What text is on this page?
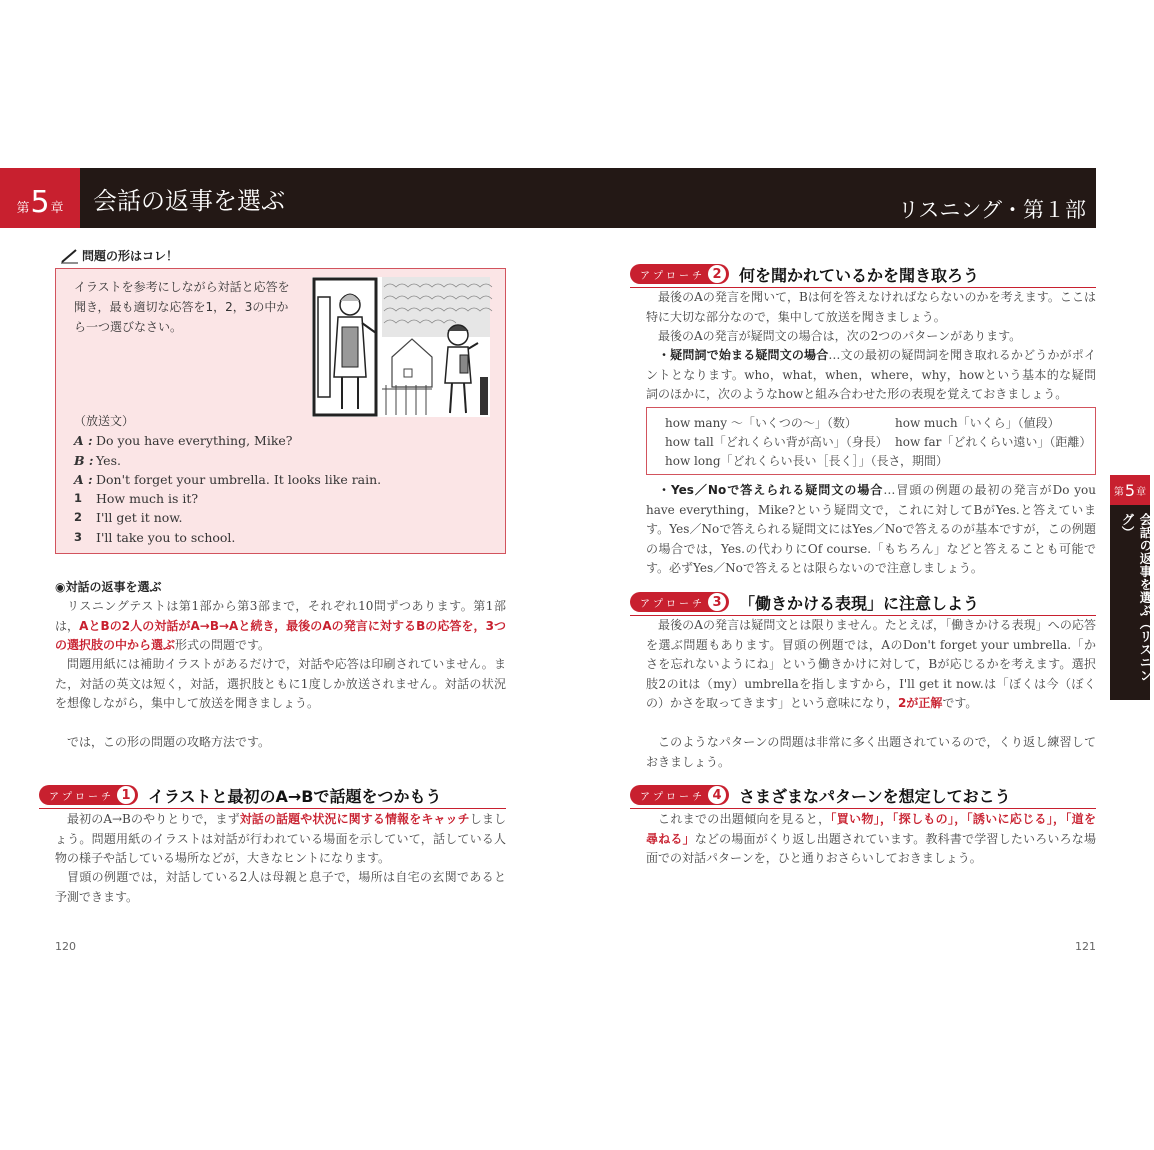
第 5 章 会話の返事を選ぶ	リスニング・第１部
問題の形はコレ！
イラストを参考にしながら対話と応答を聞き，最も適切な応答を1，2，3の中から一つ選びなさい。
（放送文）
A : Do you have everything, Mike?
B : Yes.
A : Don't forget your umbrella. It looks like rain.
1	How much is it?
2	I'll get it now.
3	I'll take you to school.
◉対話の返事を選ぶ
リスニングテストは第1部から第3部まで，それぞれ10問ずつあります。第1部は，AとBの2人の対話がA→B→Aと続き，最後のAの発言に対するBの応答を，3つの選択肢の中から選ぶ形式の問題です。
問題用紙には補助イラストがあるだけで，対話や応答は印刷されていません。また，対話の英文は短く，対話，選択肢ともに1度しか放送されません。対話の状況を想像しながら，集中して放送を聞きましょう。
では，この形の問題の攻略方法です。
アプローチ 1 イラストと最初のA→Bで話題をつかもう
最初のA→Bのやりとりで，まず対話の話題や状況に関する情報をキャッチしましょう。問題用紙のイラストは対話が行われている場面を示していて，話している人物の様子や話している場所などが，大きなヒントになります。
冒頭の例題では，対話している2人は母親と息子で，場所は自宅の玄関であると予測できます。
120
アプローチ 2 何を聞かれているかを聞き取ろう
最後のAの発言を聞いて，Bは何を答えなければならないのかを考えます。ここは特に大切な部分なので，集中して放送を聞きましょう。
最後のAの発言が疑問文の場合は，次の2つのパターンがあります。
・疑問詞で始まる疑問文の場合…文の最初の疑問詞を聞き取れるかどうかがポイントとなります。who，what，when，where，why，howという基本的な疑問詞のほかに，次のようなhowと組み合わせた形の表現を覚えておきましょう。
how many ～「いくつの～」（数）	how much「いくら」（値段）
how tall「どれくらい背が高い」（身長） how far「どれくらい遠い」（距離）
how long「どれくらい長い［長く］」（長さ，期間）
・Yes／Noで答えられる疑問文の場合…冒頭の例題の最初の発言がDo you have everything，Mike?という疑問文で，これに対してBがYes.と答えています。Yes／Noで答えられる疑問文にはYes／Noで答えるのが基本ですが，この例題の場合では，Yes.の代わりにOf course.「もちろん」などと答えることも可能です。必ずYes／Noで答えるとは限らないので注意しましょう。
アプローチ 3 「働きかける表現」に注意しよう
最後のAの発言は疑問文とは限りません。たとえば，「働きかける表現」への応答を選ぶ問題もあります。冒頭の例題では，AのDon't forget your umbrella.「かさを忘れないようにね」という働きかけに対して，Bが応じるかを考えます。選択肢2のitは（my）umbrellaを指しますから，I'll get it now.は「ぼくは今（ぼくの）かさを取ってきます」という意味になり，2が正解です。
このようなパターンの問題は非常に多く出題されているので，くり返し練習しておきましょう。
アプローチ 4 さまざまなパターンを想定しておこう
これまでの出題傾向を見ると，「買い物」，「探しもの」，「誘いに応じる」，「道を尋ねる」などの場面がくり返し出題されています。教科書で学習したいろいろな場面での対話パターンを，ひと通りおさらいしておきましょう。
121
第 5 章
会話の返事を選ぶ（リスニング）
